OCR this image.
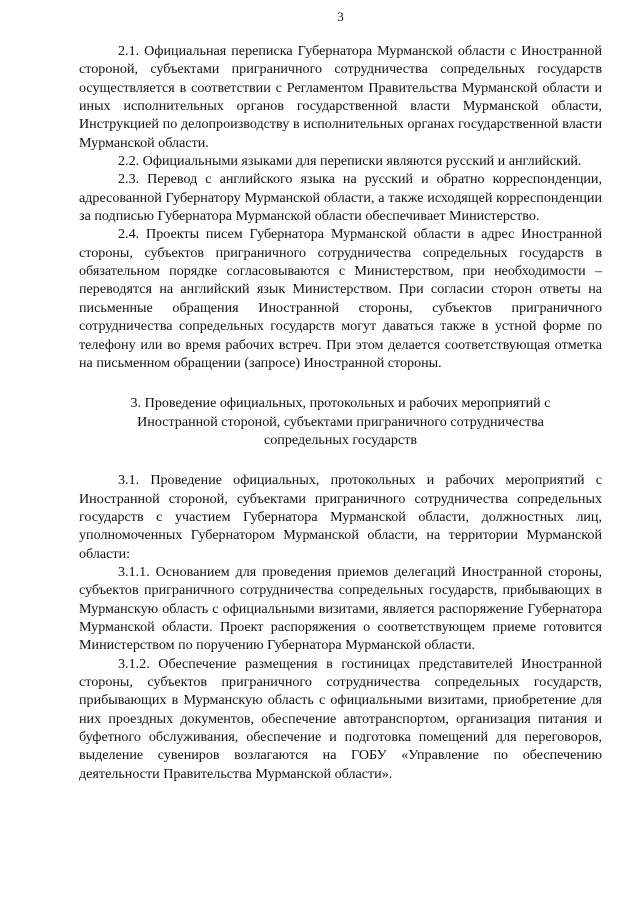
3

2.1. Официальная переписка Губернатора Мурманской области с Иностранной стороной, субъектами приграничного сотрудничества сопредельных государств осуществляется в соответствии с Регламентом Правительства Мурманской области и иных исполнительных органов государственной власти Мурманской области, Инструкцией по делопроизводству в исполнительных органах государственной власти Мурманской области.

2.2. Официальными языками для переписки являются русский и английский.

2.3. Перевод с английского языка на русский и обратно корреспонденции, адресованной Губернатору Мурманской области, а также исходящей корреспонденции за подписью Губернатора Мурманской области обеспечивает Министерство.

2.4. Проекты писем Губернатора Мурманской области в адрес Иностранной стороны, субъектов приграничного сотрудничества сопредельных государств в обязательном порядке согласовываются с Министерством, при необходимости – переводятся на английский язык Министерством. При согласии сторон ответы на письменные обращения Иностранной стороны, субъектов приграничного сотрудничества сопредельных государств могут даваться также в устной форме по телефону или во время рабочих встреч. При этом делается соответствующая отметка на письменном обращении (запросе) Иностранной стороны.

3. Проведение официальных, протокольных и рабочих мероприятий с
Иностранной стороной, субъектами приграничного сотрудничества
сопредельных государств

3.1. Проведение официальных, протокольных и рабочих мероприятий с Иностранной стороной, субъектами приграничного сотрудничества сопредельных государств с участием Губернатора Мурманской области, должностных лиц, уполномоченных Губернатором Мурманской области, на территории Мурманской области:

3.1.1. Основанием для проведения приемов делегаций Иностранной стороны, субъектов приграничного сотрудничества сопредельных государств, прибывающих в Мурманскую область с официальными визитами, является распоряжение Губернатора Мурманской области. Проект распоряжения о соответствующем приеме готовится Министерством по поручению Губернатора Мурманской области.

3.1.2. Обеспечение размещения в гостиницах представителей Иностранной стороны, субъектов приграничного сотрудничества сопредельных государств, прибывающих в Мурманскую область с официальными визитами, приобретение для них проездных документов, обеспечение автотранспортом, организация питания и буфетного обслуживания, обеспечение и подготовка помещений для переговоров, выделение сувениров возлагаются на ГОБУ «Управление по обеспечению деятельности Правительства Мурманской области».
